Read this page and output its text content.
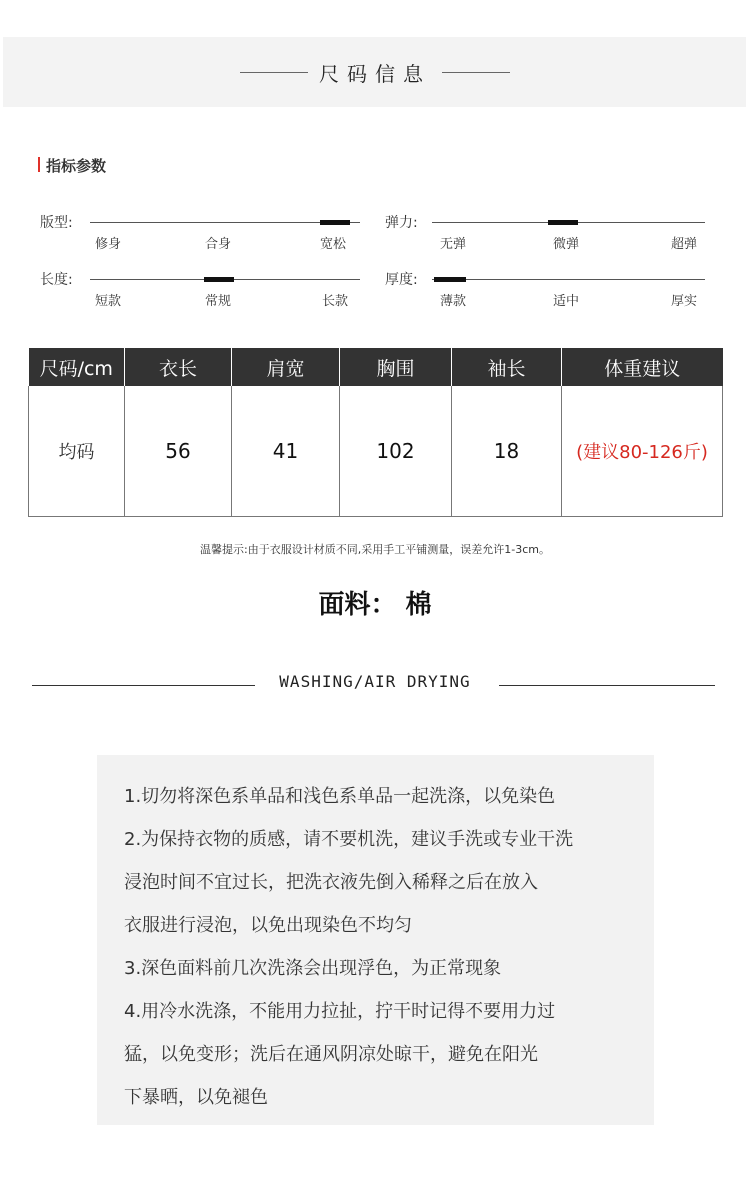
尺码信息
指标参数
版型:
修身	合身	宽松
弹力:
无弹	微弹	超弹
长度:
短款	常规	长款
厚度:
薄款	适中	厚实
尺码/cm	衣长	肩宽	胸围	袖长	体重建议
均码	56	41	102	18	(建议80-126斤)
温馨提示:由于衣服设计材质不同,采用手工平铺测量，误差允许1-3cm。
面料： 棉
WASHING/AIR DRYING
1.切勿将深色系单品和浅色系单品一起洗涤，以免染色
2.为保持衣物的质感，请不要机洗，建议手洗或专业干洗
浸泡时间不宜过长，把洗衣液先倒入稀释之后在放入
衣服进行浸泡，以免出现染色不均匀
3.深色面料前几次洗涤会出现浮色，为正常现象
4.用冷水洗涤，不能用力拉扯，拧干时记得不要用力过
猛，以免变形；洗后在通风阴凉处晾干，避免在阳光
下暴晒，以免褪色
